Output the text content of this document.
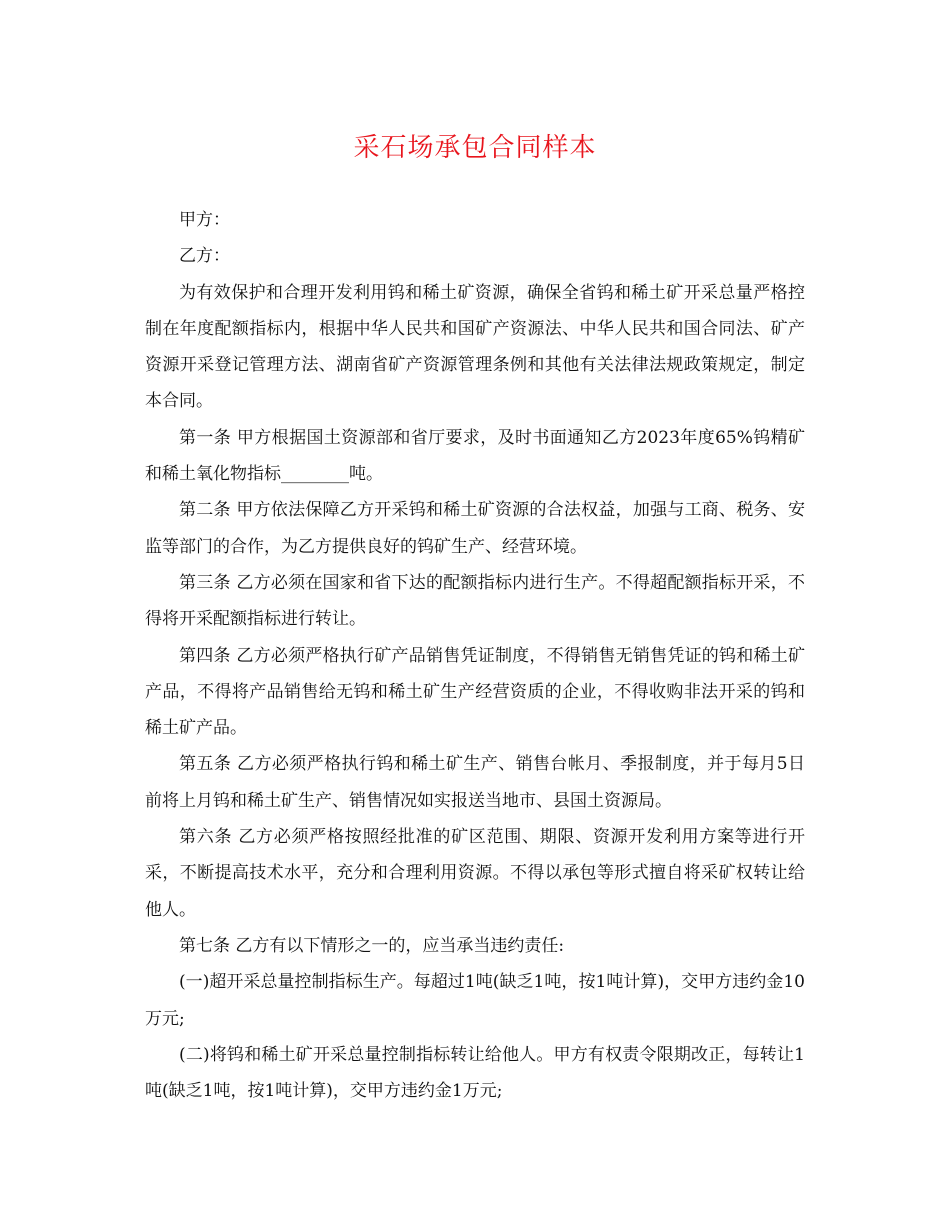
采石场承包合同样本

甲方：

乙方：

为有效保护和合理开发利用钨和稀土矿资源，确保全省钨和稀土矿开采总量严格控制在年度配额指标内，根据中华人民共和国矿产资源法、中华人民共和国合同法、矿产资源开采登记管理方法、湖南省矿产资源管理条例和其他有关法律法规政策规定，制定本合同。

第一条 甲方根据国土资源部和省厅要求，及时书面通知乙方2023年度65%钨精矿和稀土氧化物指标________吨。

第二条 甲方依法保障乙方开采钨和稀土矿资源的合法权益，加强与工商、税务、安监等部门的合作，为乙方提供良好的钨矿生产、经营环境。

第三条 乙方必须在国家和省下达的配额指标内进行生产。不得超配额指标开采，不得将开采配额指标进行转让。

第四条 乙方必须严格执行矿产品销售凭证制度，不得销售无销售凭证的钨和稀土矿产品，不得将产品销售给无钨和稀土矿生产经营资质的企业，不得收购非法开采的钨和稀土矿产品。

第五条 乙方必须严格执行钨和稀土矿生产、销售台帐月、季报制度，并于每月5日前将上月钨和稀土矿生产、销售情况如实报送当地市、县国土资源局。

第六条 乙方必须严格按照经批准的矿区范围、期限、资源开发利用方案等进行开采，不断提高技术水平，充分和合理利用资源。不得以承包等形式擅自将采矿权转让给他人。

第七条 乙方有以下情形之一的，应当承当违约责任:

(一)超开采总量控制指标生产。每超过1吨(缺乏1吨，按1吨计算)，交甲方违约金10万元;

(二)将钨和稀土矿开采总量控制指标转让给他人。甲方有权责令限期改正，每转让1吨(缺乏1吨，按1吨计算)，交甲方违约金1万元;
